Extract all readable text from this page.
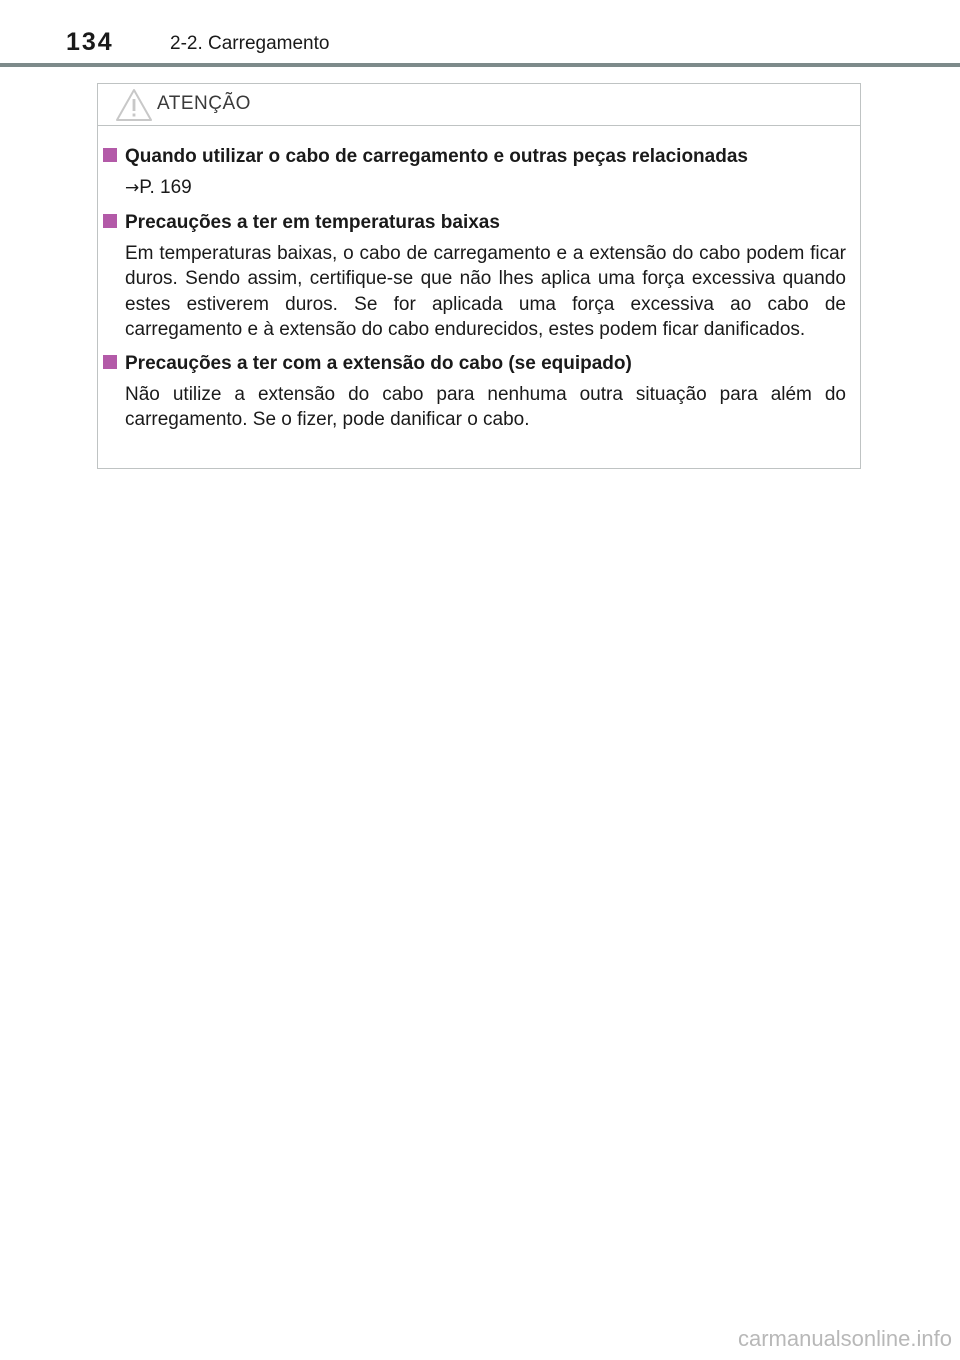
134	2-2. Carregamento
ATENÇÃO
Quando utilizar o cabo de carregamento e outras peças relacionadas
→P. 169
Precauções a ter em temperaturas baixas
Em temperaturas baixas, o cabo de carregamento e a extensão do cabo podem ficar duros. Sendo assim, certifique-se que não lhes aplica uma força excessiva quando estes estiverem duros. Se for aplicada uma força excessiva ao cabo de carregamento e à extensão do cabo endurecidos, estes podem ficar danificados.
Precauções a ter com a extensão do cabo (se equipado)
Não utilize a extensão do cabo para nenhuma outra situação para além do carregamento. Se o fizer, pode danificar o cabo.
carmanualsonline.info
